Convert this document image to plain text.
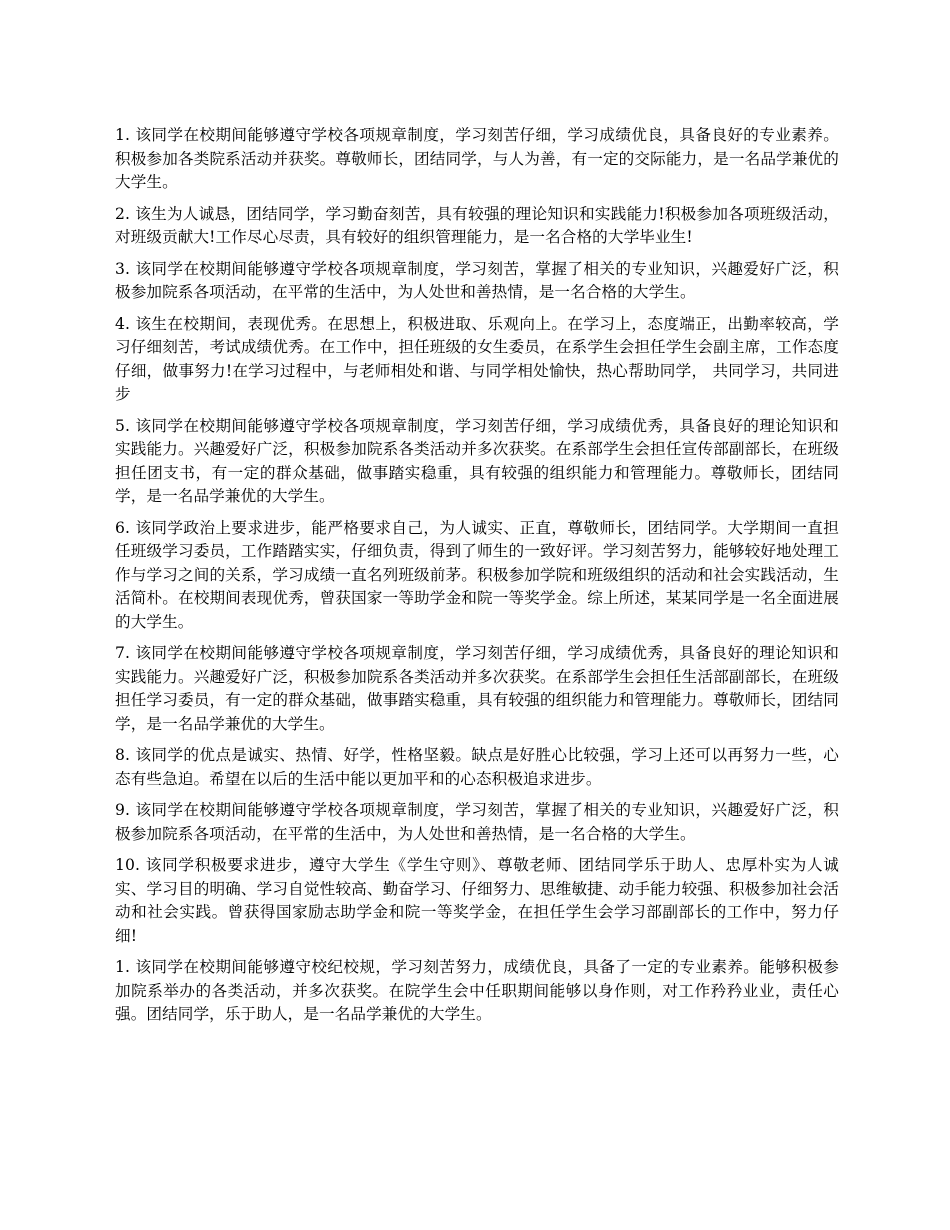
1. 该同学在校期间能够遵守学校各项规章制度，学习刻苦仔细，学习成绩优良，具备良好的专业素养。积极参加各类院系活动并获奖。尊敬师长，团结同学，与人为善，有一定的交际能力，是一名品学兼优的大学生。

2. 该生为人诚恳，团结同学，学习勤奋刻苦，具有较强的理论知识和实践能力!积极参加各项班级活动，对班级贡献大!工作尽心尽责，具有较好的组织管理能力，是一名合格的大学毕业生!

3. 该同学在校期间能够遵守学校各项规章制度，学习刻苦，掌握了相关的专业知识，兴趣爱好广泛，积极参加院系各项活动，在平常的生活中，为人处世和善热情，是一名合格的大学生。

4. 该生在校期间，表现优秀。在思想上，积极进取、乐观向上。在学习上，态度端正，出勤率较高，学习仔细刻苦，考试成绩优秀。在工作中，担任班级的女生委员，在系学生会担任学生会副主席，工作态度仔细，做事努力!在学习过程中，与老师相处和谐、与同学相处愉快，热心帮助同学， 共同学习，共同进步

5. 该同学在校期间能够遵守学校各项规章制度，学习刻苦仔细，学习成绩优秀，具备良好的理论知识和实践能力。兴趣爱好广泛，积极参加院系各类活动并多次获奖。在系部学生会担任宣传部副部长，在班级担任团支书，有一定的群众基础，做事踏实稳重，具有较强的组织能力和管理能力。尊敬师长，团结同学，是一名品学兼优的大学生。

6. 该同学政治上要求进步，能严格要求自己，为人诚实、正直，尊敬师长，团结同学。大学期间一直担任班级学习委员，工作踏踏实实，仔细负责，得到了师生的一致好评。学习刻苦努力，能够较好地处理工作与学习之间的关系，学习成绩一直名列班级前茅。积极参加学院和班级组织的活动和社会实践活动，生活简朴。在校期间表现优秀，曾获国家一等助学金和院一等奖学金。综上所述，某某同学是一名全面进展的大学生。

7. 该同学在校期间能够遵守学校各项规章制度，学习刻苦仔细，学习成绩优秀，具备良好的理论知识和实践能力。兴趣爱好广泛，积极参加院系各类活动并多次获奖。在系部学生会担任生活部副部长，在班级担任学习委员，有一定的群众基础，做事踏实稳重，具有较强的组织能力和管理能力。尊敬师长，团结同学，是一名品学兼优的大学生。

8. 该同学的优点是诚实、热情、好学，性格坚毅。缺点是好胜心比较强，学习上还可以再努力一些，心态有些急迫。希望在以后的生活中能以更加平和的心态积极追求进步。

9. 该同学在校期间能够遵守学校各项规章制度，学习刻苦，掌握了相关的专业知识，兴趣爱好广泛，积极参加院系各项活动，在平常的生活中，为人处世和善热情，是一名合格的大学生。

10. 该同学积极要求进步，遵守大学生《学生守则》、尊敬老师、团结同学乐于助人、忠厚朴实为人诚实、学习目的明确、学习自觉性较高、勤奋学习、仔细努力、思维敏捷、动手能力较强、积极参加社会活动和社会实践。曾获得国家励志助学金和院一等奖学金，在担任学生会学习部副部长的工作中，努力仔细!

1. 该同学在校期间能够遵守校纪校规，学习刻苦努力，成绩优良，具备了一定的专业素养。能够积极参加院系举办的各类活动，并多次获奖。在院学生会中任职期间能够以身作则，对工作矜矜业业，责任心强。团结同学，乐于助人，是一名品学兼优的大学生。
